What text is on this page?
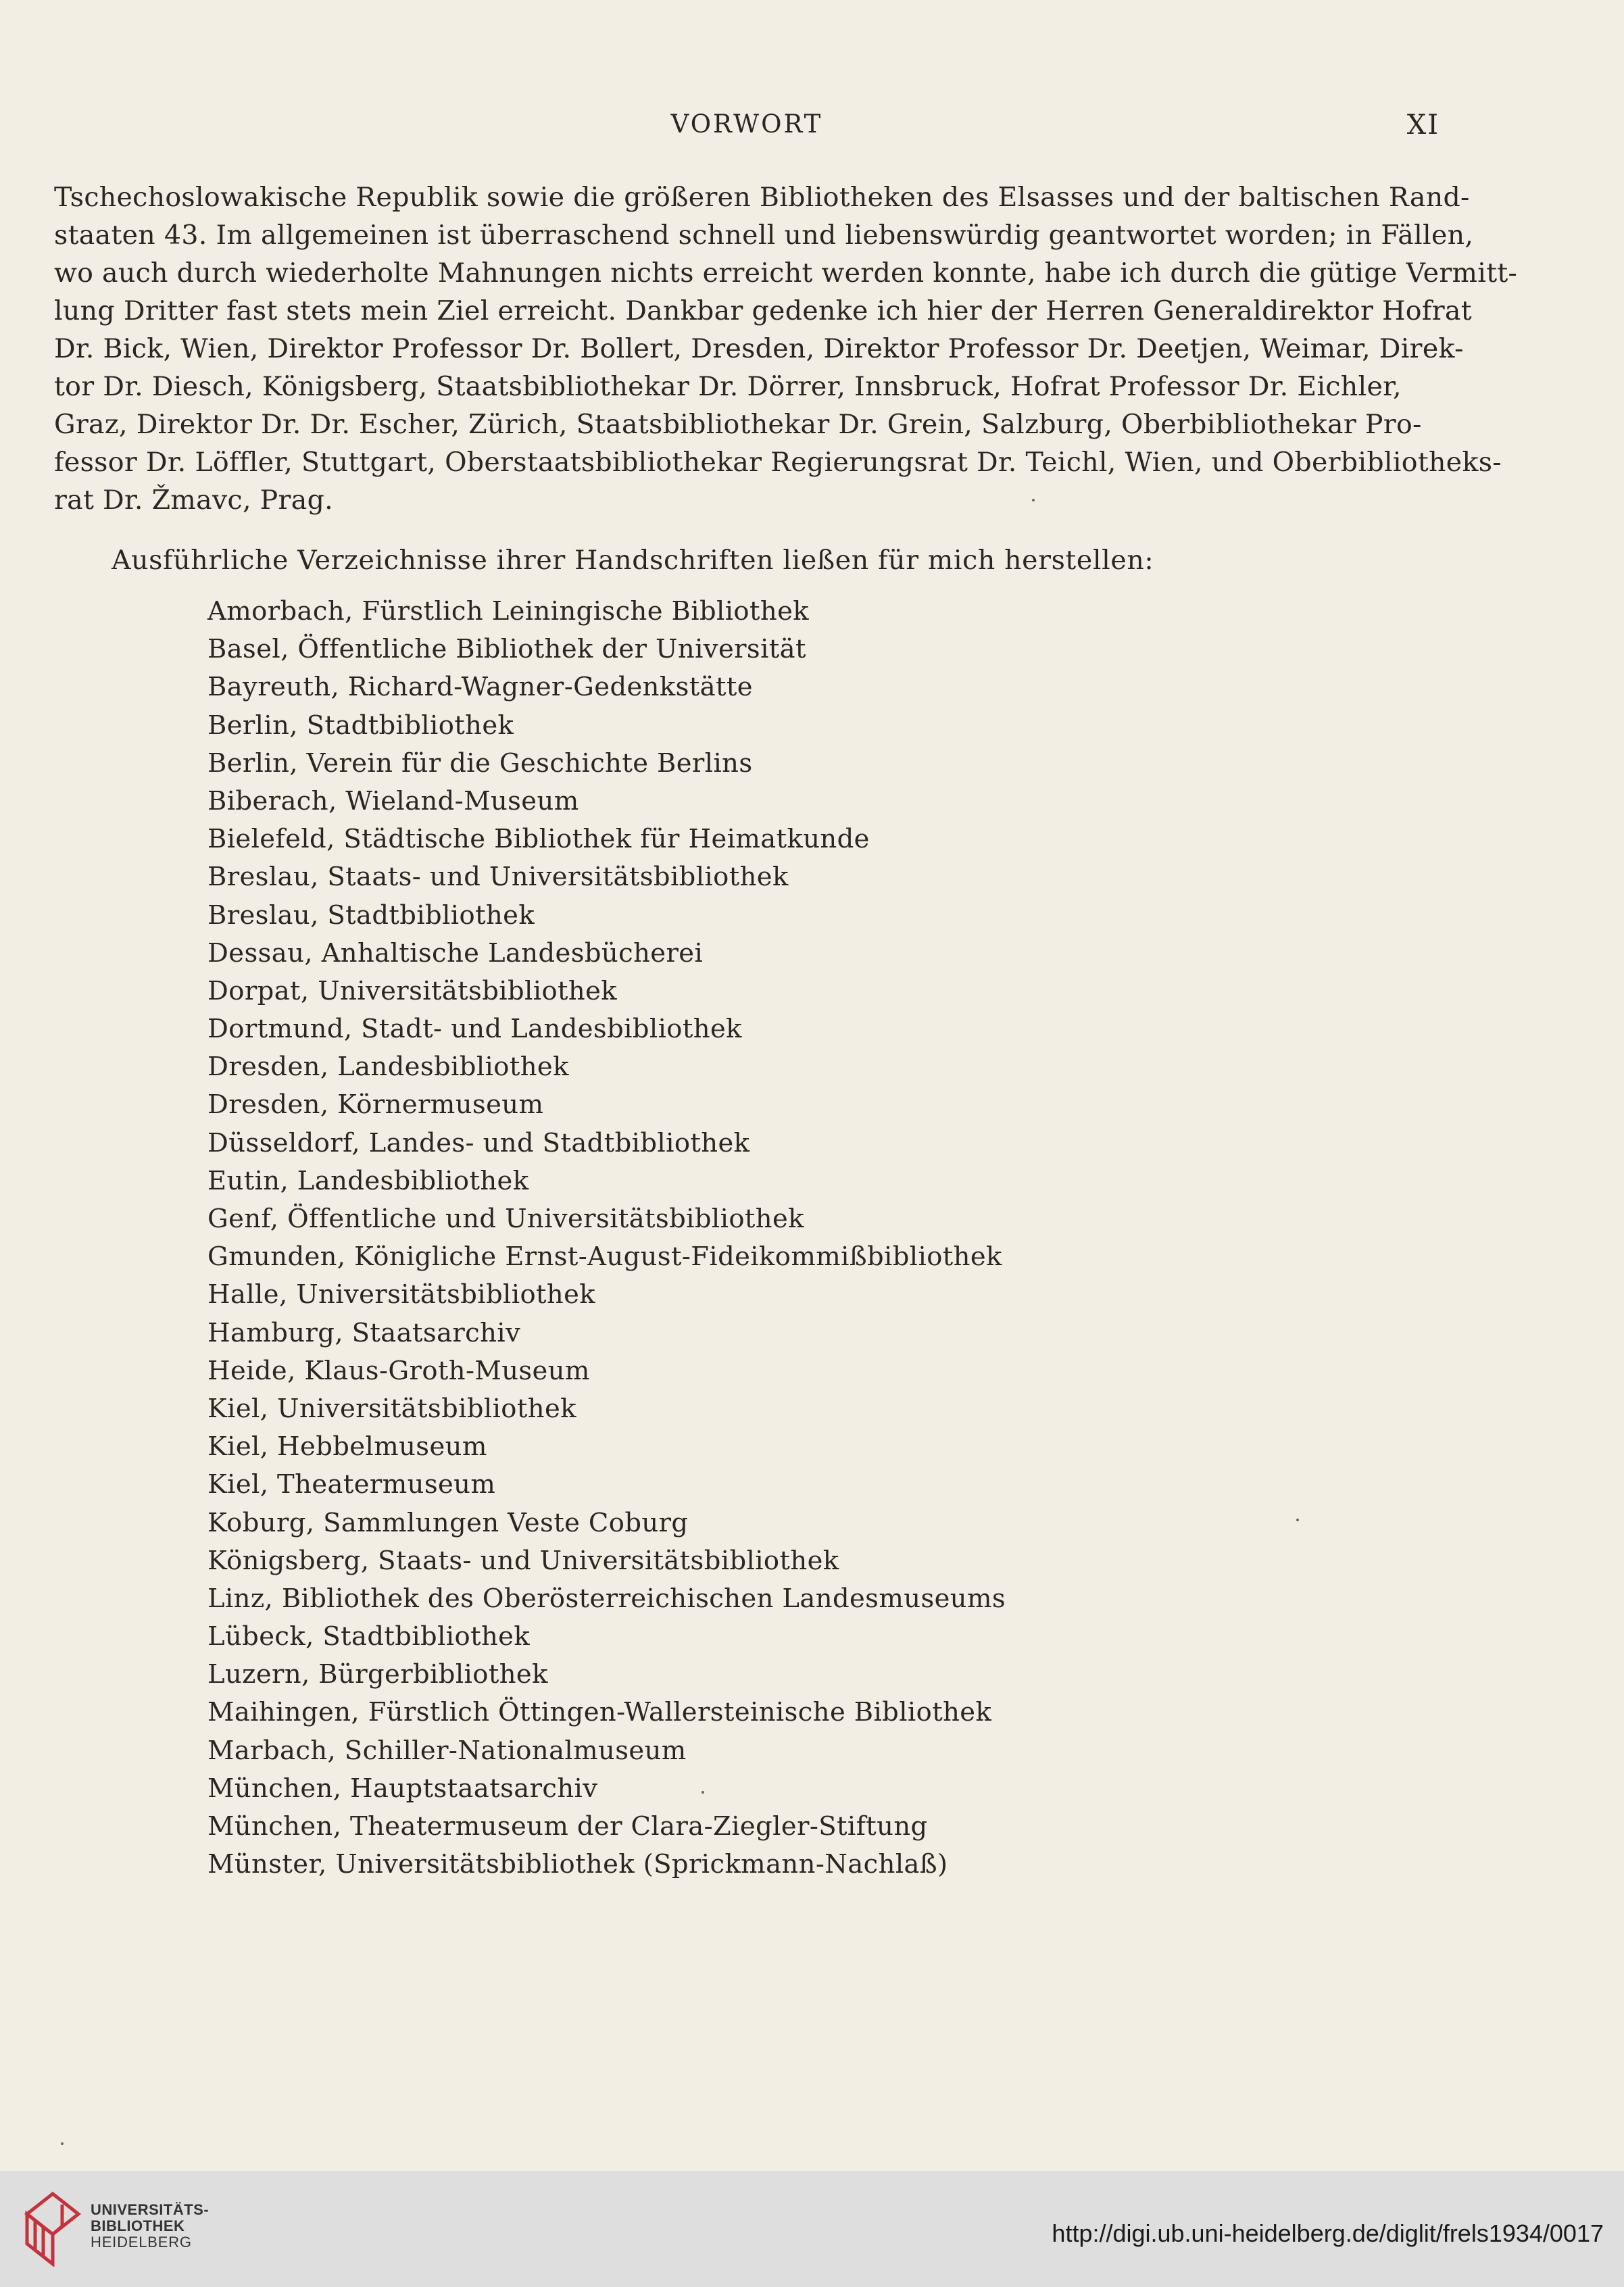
VORWORT	XI
Tschechoslowakische Republik sowie die größeren Bibliotheken des Elsasses und der baltischen Rand-
staaten 43. Im allgemeinen ist überraschend schnell und liebenswürdig geantwortet worden; in Fällen,
wo auch durch wiederholte Mahnungen nichts erreicht werden konnte, habe ich durch die gütige Vermitt-
lung Dritter fast stets mein Ziel erreicht. Dankbar gedenke ich hier der Herren Generaldirektor Hofrat
Dr. Bick, Wien, Direktor Professor Dr. Bollert, Dresden, Direktor Professor Dr. Deetjen, Weimar, Direk-
tor Dr. Diesch, Königsberg, Staatsbibliothekar Dr. Dörrer, Innsbruck, Hofrat Professor Dr. Eichler,
Graz, Direktor Dr. Dr. Escher, Zürich, Staatsbibliothekar Dr. Grein, Salzburg, Oberbibliothekar Pro-
fessor Dr. Löffler, Stuttgart, Oberstaatsbibliothekar Regierungsrat Dr. Teichl, Wien, und Oberbibliotheks-
rat Dr. Žmavc, Prag.
Ausführliche Verzeichnisse ihrer Handschriften ließen für mich herstellen:
Amorbach, Fürstlich Leiningische Bibliothek
Basel, Öffentliche Bibliothek der Universität
Bayreuth, Richard-Wagner-Gedenkstätte
Berlin, Stadtbibliothek
Berlin, Verein für die Geschichte Berlins
Biberach, Wieland-Museum
Bielefeld, Städtische Bibliothek für Heimatkunde
Breslau, Staats- und Universitätsbibliothek
Breslau, Stadtbibliothek
Dessau, Anhaltische Landesbücherei
Dorpat, Universitätsbibliothek
Dortmund, Stadt- und Landesbibliothek
Dresden, Landesbibliothek
Dresden, Körnermuseum
Düsseldorf, Landes- und Stadtbibliothek
Eutin, Landesbibliothek
Genf, Öffentliche und Universitätsbibliothek
Gmunden, Königliche Ernst-August-Fideikommißbibliothek
Halle, Universitätsbibliothek
Hamburg, Staatsarchiv
Heide, Klaus-Groth-Museum
Kiel, Universitätsbibliothek
Kiel, Hebbelmuseum
Kiel, Theatermuseum
Koburg, Sammlungen Veste Coburg
Königsberg, Staats- und Universitätsbibliothek
Linz, Bibliothek des Oberösterreichischen Landesmuseums
Lübeck, Stadtbibliothek
Luzern, Bürgerbibliothek
Maihingen, Fürstlich Öttingen-Wallersteinische Bibliothek
Marbach, Schiller-Nationalmuseum
München, Hauptstaatsarchiv
München, Theatermuseum der Clara-Ziegler-Stiftung
Münster, Universitätsbibliothek (Sprickmann-Nachlaß)
UNIVERSITÄTS-
BIBLIOTHEK
HEIDELBERG	http://digi.ub.uni-heidelberg.de/diglit/frels1934/0017
